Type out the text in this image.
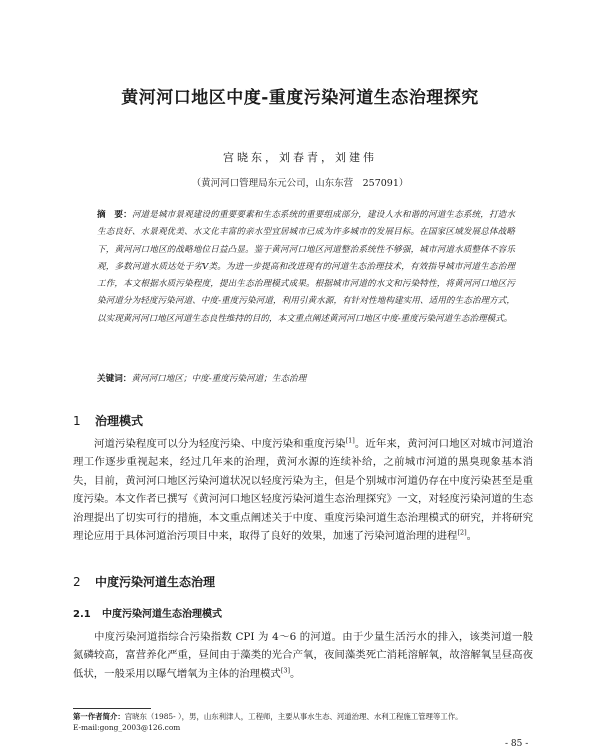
黄河河口地区中度-重度污染河道生态治理探究
宫晓东，刘春青，刘建伟
（黄河河口管理局东元公司，山东东营　257091）
摘　要：河道是城市景观建设的重要要素和生态系统的重要组成部分，建设人水和谐的河道生态系统，打造水生态良好、水景观优美、水文化丰富的亲水型宜居城市已成为许多城市的发展目标。在国家区域发展总体战略下，黄河河口地区的战略地位日益凸显。鉴于黄河河口地区河道整治系统性不够强，城市河道水质整体不容乐观，多数河道水质达处于劣Ⅴ类。为进一步提高和改进现有的河道生态治理技术，有效指导城市河道生态治理工作，本文根据水质污染程度，提出生态治理模式成果。根据城市河道的水文和污染特性，将黄河河口地区污染河道分为轻度污染河道、中度-重度污染河道，利用引黄水源，有针对性地构建实用、适用的生态治理方式，以实现黄河河口地区河道生态良性维持的目的，本文重点阐述黄河河口地区中度-重度污染河道生态治理模式。
关键词：黄河河口地区；中度-重度污染河道；生态治理
1 治理模式
河道污染程度可以分为轻度污染、中度污染和重度污染[1]。近年来，黄河河口地区对城市河道治理工作逐步重视起来，经过几年来的治理，黄河水源的连续补给，之前城市河道的黑臭现象基本消失，目前，黄河河口地区污染河道状况以轻度污染为主，但是个别城市河道仍存在中度污染甚至是重度污染。本文作者已撰写《黄河河口地区轻度污染河道生态治理探究》一文，对轻度污染河道的生态治理提出了切实可行的措施，本文重点阐述关于中度、重度污染河道生态治理模式的研究，并将研究理论应用于具体河道治污项目中来，取得了良好的效果，加速了污染河道治理的进程[2]。
2 中度污染河道生态治理
2.1 中度污染河道生态治理模式
中度污染河道指综合污染指数 CPI 为 4～6 的河道。由于少量生活污水的排入，该类河道一般氮磷较高，富营养化严重，昼间由于藻类的光合产氧，夜间藻类死亡消耗溶解氧，故溶解氧呈昼高夜低状，一般采用以曝气增氧为主体的治理模式[3]。
第一作者简介：宫晓东（1985- ），男，山东利津人，工程师，主要从事水生态、河道治理、水利工程施工管理等工作。
E-mail:gong_2003@126.com
- 85 -
